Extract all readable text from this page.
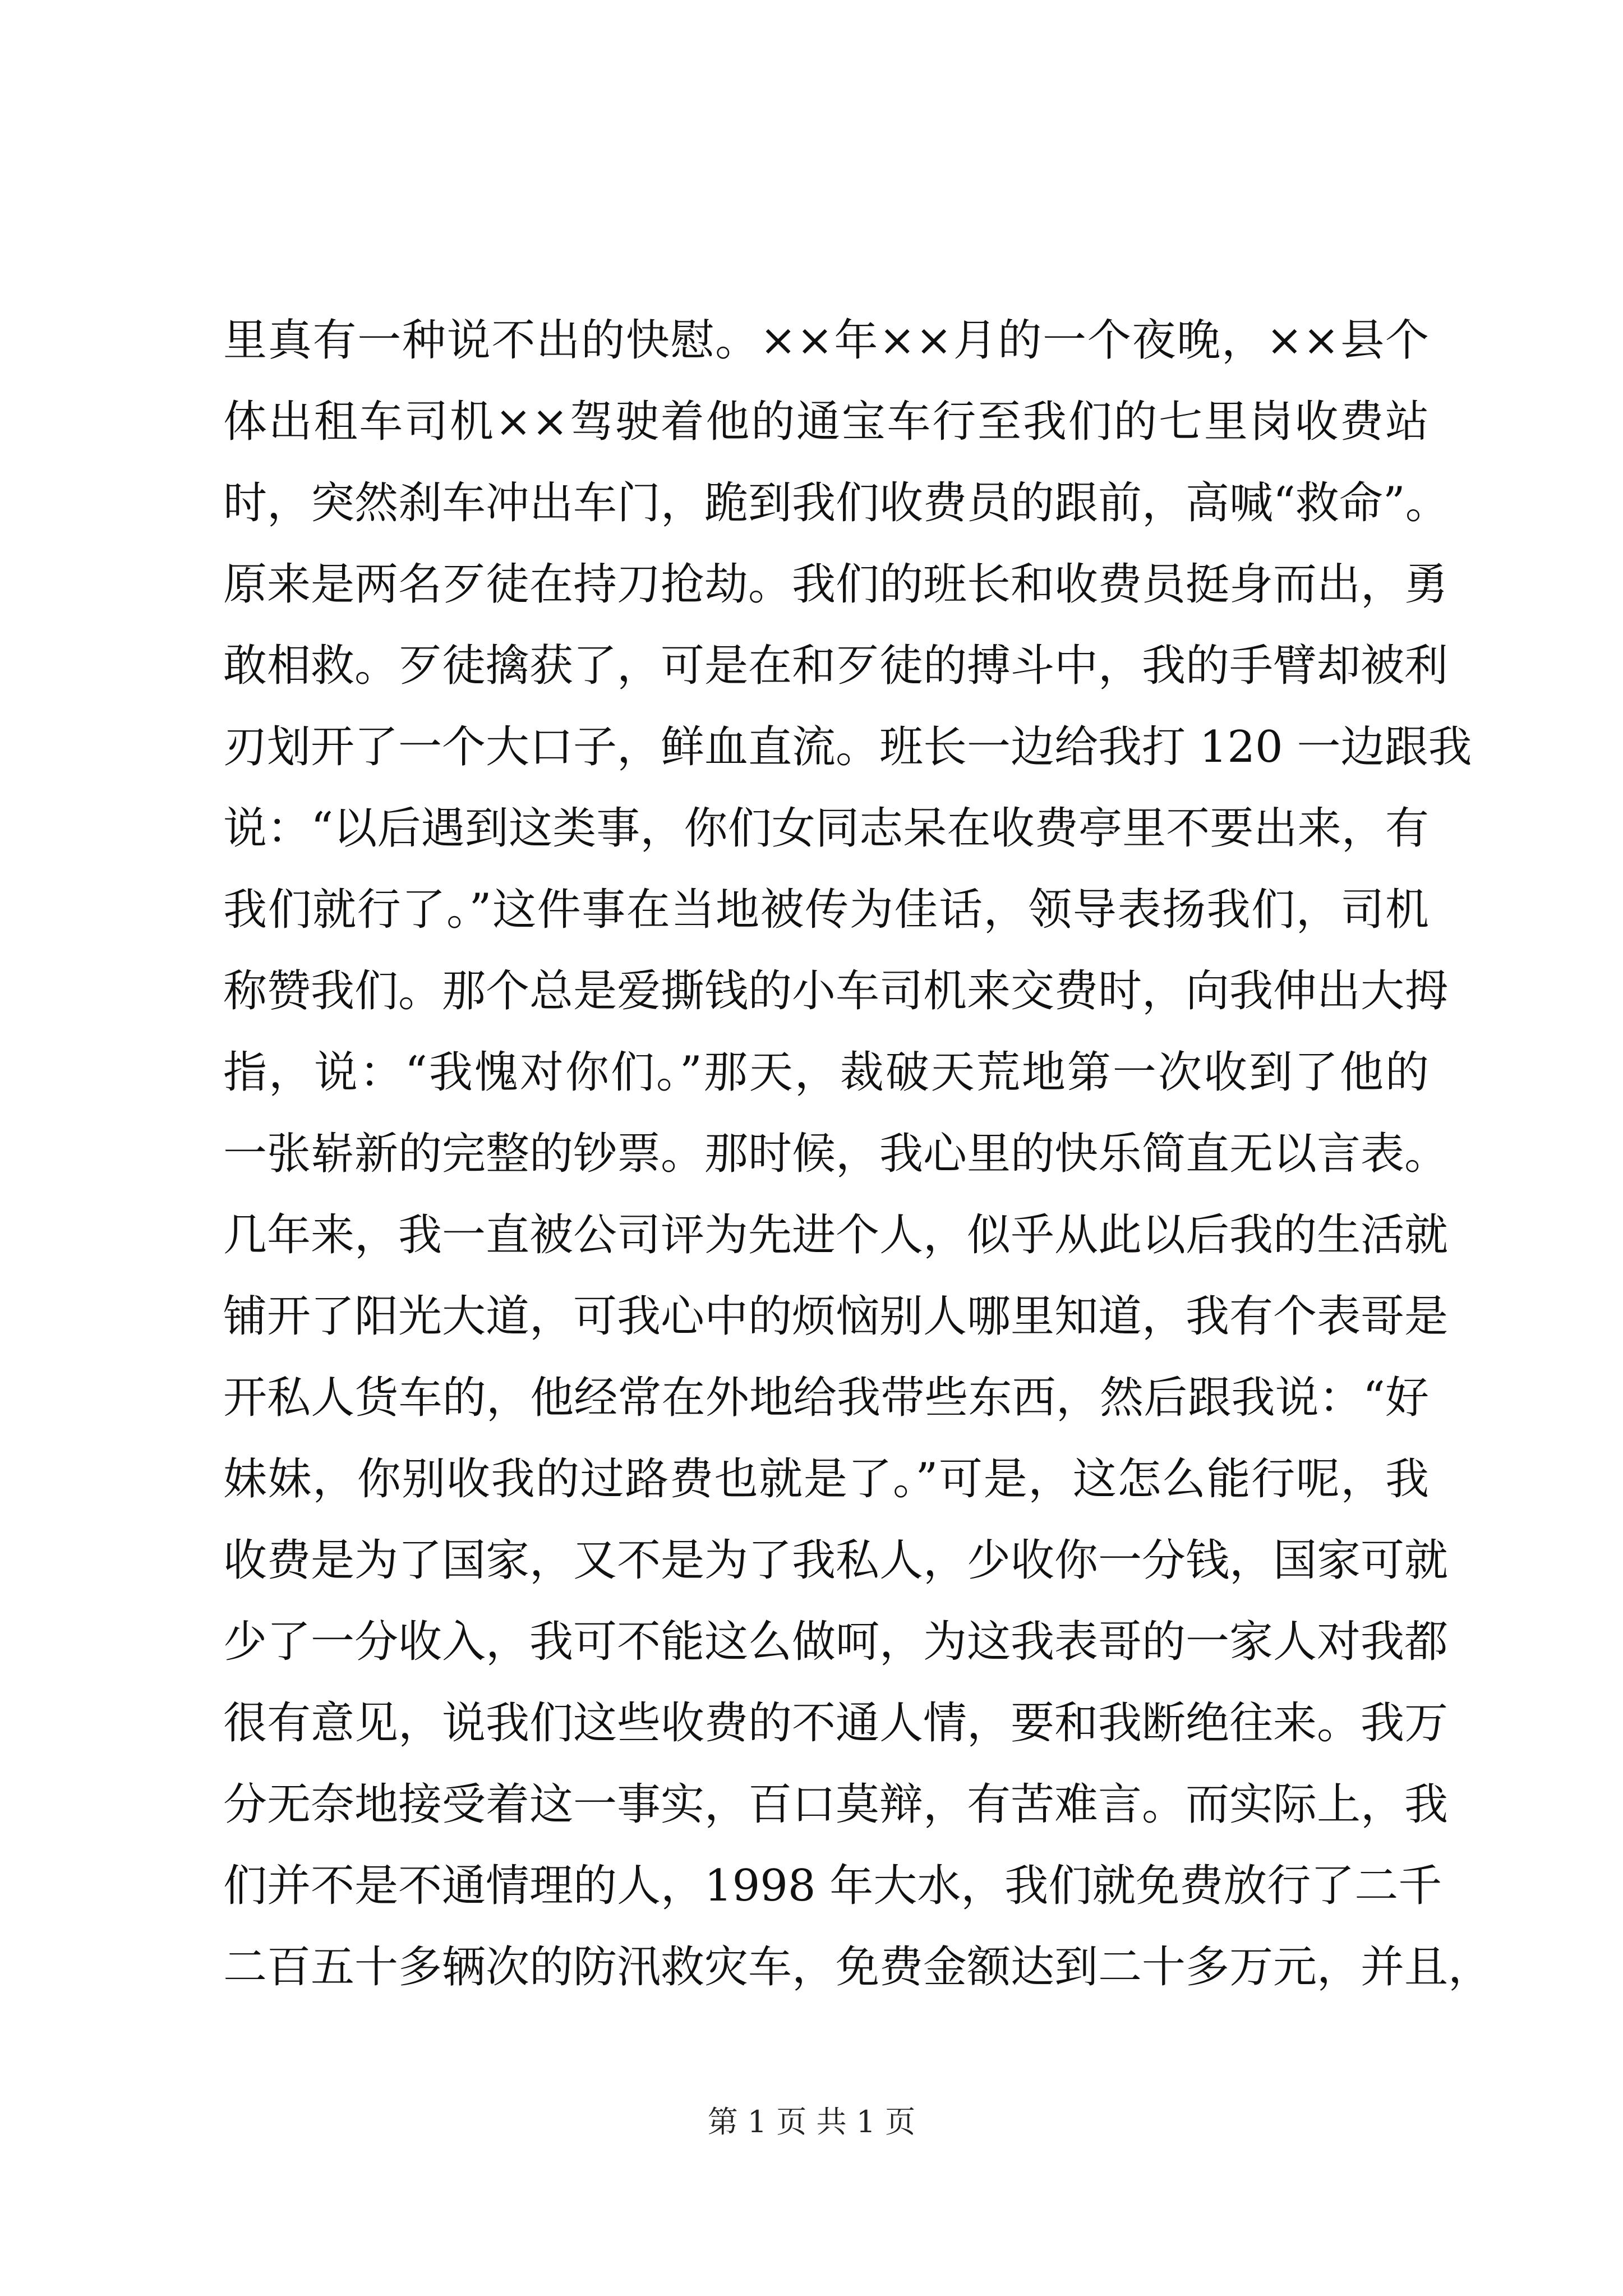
里真有一种说不出的快慰。××年××月的一个夜晚，××县个
体出租车司机××驾驶着他的通宝车行至我们的七里岗收费站
时，突然刹车冲出车门，跪到我们收费员的跟前，高喊“救命”。
原来是两名歹徒在持刀抢劫。我们的班长和收费员挺身而出，勇
敢相救。歹徒擒获了，可是在和歹徒的搏斗中，我的手臂却被利
刃划开了一个大口子，鲜血直流。班长一边给我打 120 一边跟我
说：“以后遇到这类事，你们女同志呆在收费亭里不要出来，有
我们就行了。”这件事在当地被传为佳话，领导表扬我们，司机
称赞我们。那个总是爱撕钱的小车司机来交费时，向我伸出大拇
指，说：“我愧对你们。”那天，裁破天荒地第一次收到了他的
一张崭新的完整的钞票。那时候，我心里的快乐简直无以言表。
几年来，我一直被公司评为先进个人，似乎从此以后我的生活就
铺开了阳光大道，可我心中的烦恼别人哪里知道，我有个表哥是
开私人货车的，他经常在外地给我带些东西，然后跟我说：“好
妹妹，你别收我的过路费也就是了。”可是，这怎么能行呢，我
收费是为了国家，又不是为了我私人，少收你一分钱，国家可就
少了一分收入，我可不能这么做呵，为这我表哥的一家人对我都
很有意见，说我们这些收费的不通人情，要和我断绝往来。我万
分无奈地接受着这一事实，百口莫辩，有苦难言。而实际上，我
们并不是不通情理的人，1998 年大水，我们就免费放行了二千
二百五十多辆次的防汛救灾车，免费金额达到二十多万元，并且，
第 1 页 共 1 页
